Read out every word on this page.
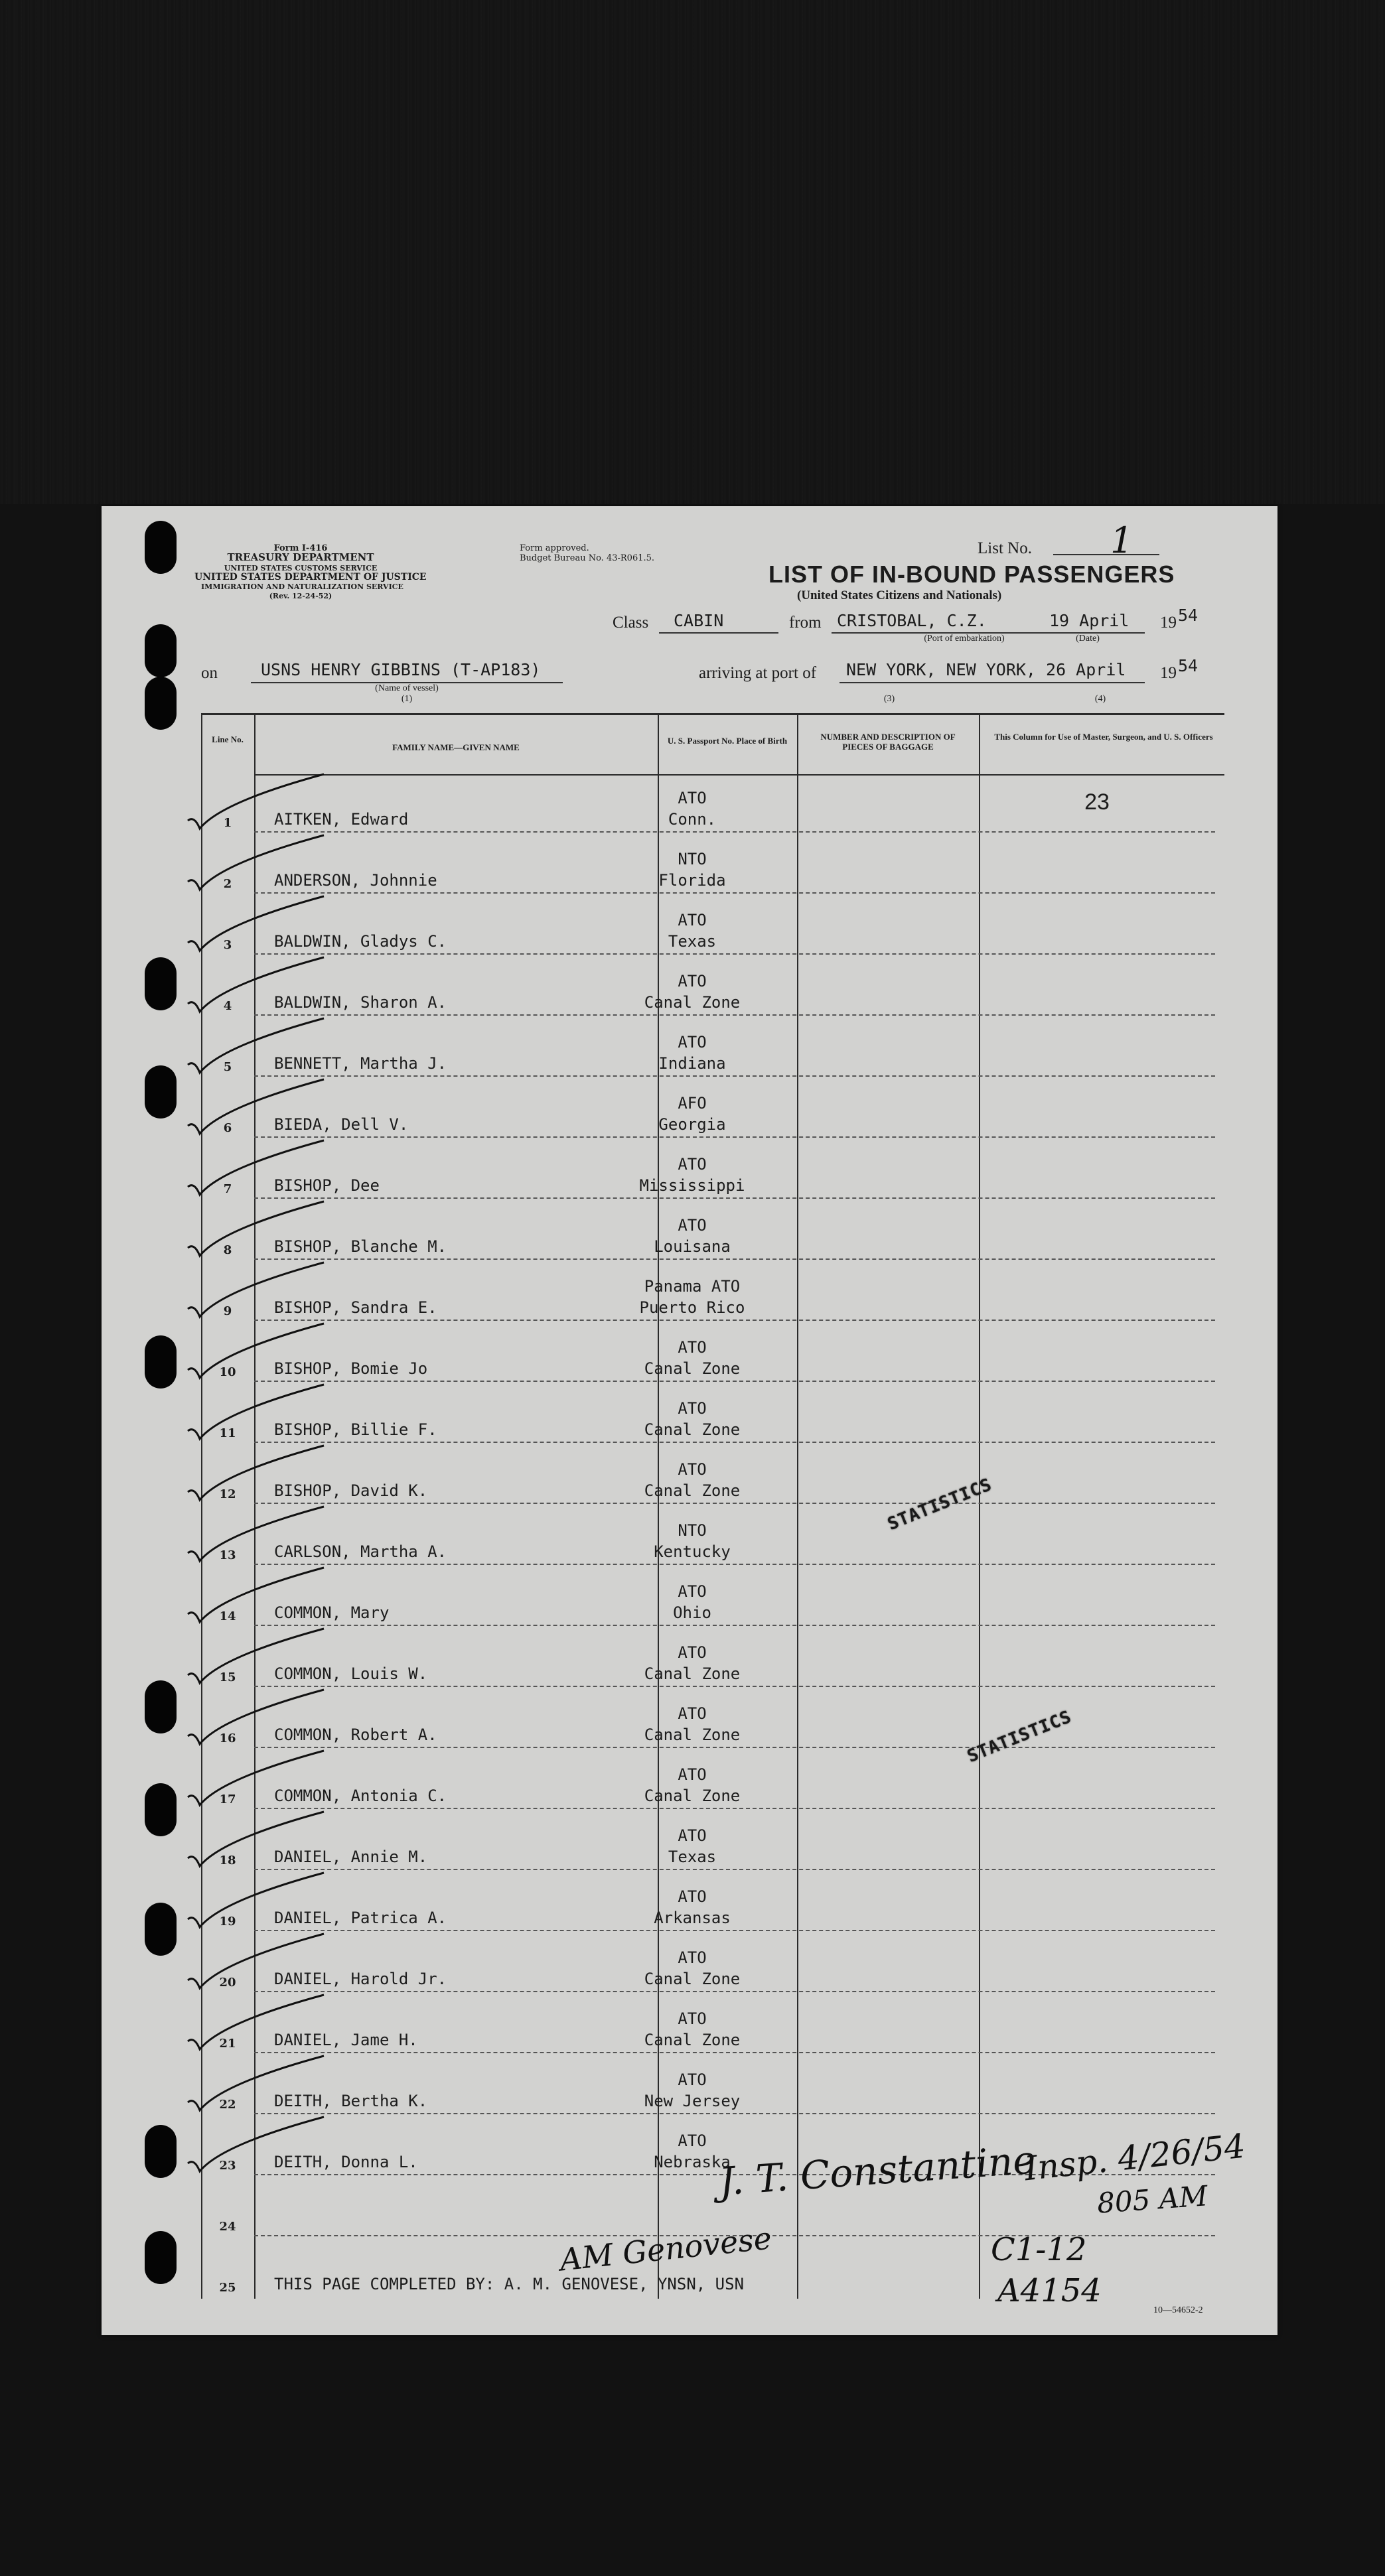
Form I-416
TREASURY DEPARTMENT
UNITED STATES CUSTOMS SERVICE
UNITED STATES DEPARTMENT OF JUSTICE
IMMIGRATION AND NATURALIZATION SERVICE
(Rev. 12-24-52)
Form approved.
Budget Bureau No. 43-R061.5.
List No. 1
LIST OF IN-BOUND PASSENGERS
(United States Citizens and Nationals)
Class CABIN	from CRISTOBAL, C.Z.
(Port of embarkation)
19 April
(Date)
19 54
on	USNS HENRY GIBBINS (T-AP183)
(Name of vessel)
(1)
arriving at port of NEW YORK, NEW YORK, 26 April
(3)	(4)
19 54
Line No.
FAMILY NAME—GIVEN NAME
U. S. Passport No. Place of Birth	NUMBER AND DESCRIPTION OF PIECES OF BAGGAGE
This Column for Use of Master, Surgeon, and U. S. Officers
1	AITKEN, Edward
ATO
Conn.
23
2	ANDERSON, Johnnie
NTO
Florida
3	BALDWIN, Gladys C.
ATO
Texas
4	BALDWIN, Sharon A.
ATO
Canal Zone
5	BENNETT, Martha J.
ATO
Indiana
6	BIEDA, Dell V.
AFO
Georgia
7	BISHOP, Dee
ATO
Mississippi
8	BISHOP, Blanche M.
ATO
Louisana
9	BISHOP, Sandra E.
Panama ATO
Puerto Rico
10	BISHOP, Bomie Jo
ATO
Canal Zone
11	BISHOP, Billie F.
ATO
Canal Zone
12	BISHOP, David K.
ATO
Canal Zone
13	CARLSON, Martha A.
NTO
Kentucky
14	COMMON, Mary
ATO
Ohio
15	COMMON, Louis W.
ATO
Canal Zone
16	COMMON, Robert A.
ATO
Canal Zone
17	COMMON, Antonia C.
ATO
Canal Zone
18	DANIEL, Annie M.
ATO
Texas
19	DANIEL, Patrica A.
ATO
Arkansas
20	DANIEL, Harold Jr.
ATO
Canal Zone
21	DANIEL, Jame H.
ATO
Canal Zone
22	DEITH, Bertha K.
ATO
New Jersey
23	DEITH, Donna L.
ATO
Nebraska
24
25	THIS PAGE COMPLETED BY: A. M. GENOVESE, YNSN, USN
STATISTICS
STATISTICS
J. T. Constantine
Insp. 4/26/54
805 AM
C1-12
A4154
AM Genovese
10—54652-2
